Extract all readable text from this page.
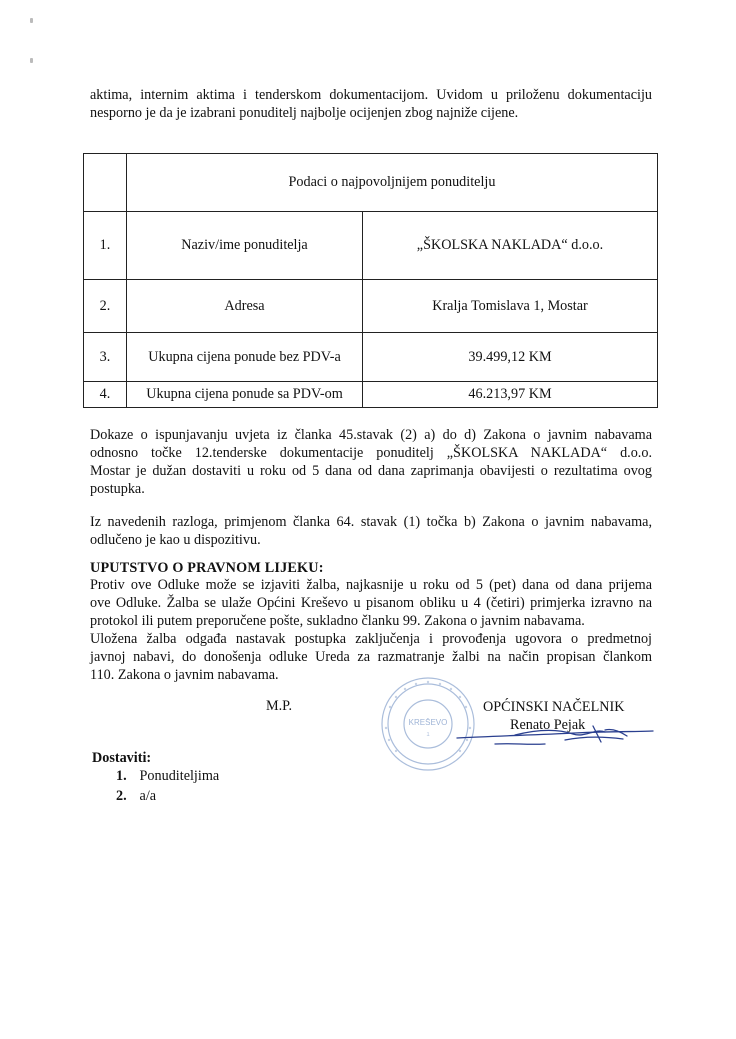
aktima, internim aktima i tenderskom dokumentacijom. Uvidom u priloženu dokumentaciju
nesporno je da je izabrani ponuditelj najbolje ocijenjen zbog najniže cijene.
	Podaci o najpovoljnijem ponuditelju	
1.	Naziv/ime ponuditelja	„ŠKOLSKA NAKLADA“ d.o.o.
2.	Adresa	Kralja Tomislava 1, Mostar
3.	Ukupna cijena ponude bez PDV-a	39.499,12 KM
4.	Ukupna cijena ponude sa PDV-om	46.213,97 KM
Dokaze o ispunjavanju uvjeta iz članka 45.stavak (2) a) do d) Zakona o javnim nabavama
odnosno točke 12.tenderske dokumentacije ponuditelj „ŠKOLSKA NAKLADA“ d.o.o.
Mostar je dužan dostaviti u roku od 5 dana od dana zaprimanja obavijesti o rezultatima ovog
postupka.
Iz navedenih razloga, primjenom članka 64. stavak (1) točka b) Zakona o javnim nabavama,
odlučeno je kao u dispozitivu.
UPUTSTVO O PRAVNOM LIJEKU:
Protiv ove Odluke može se izjaviti žalba, najkasnije u roku od 5 (pet) dana od dana prijema
ove Odluke. Žalba se ulaže Općini Kreševo u pisanom obliku u 4 (četiri) primjerka izravno na
protokol ili putem preporučene pošte, sukladno članku 99. Zakona o javnim nabavama.
Uložena žalba odgađa nastavak postupka zaključenja i provođenja ugovora o predmetnoj
javnoj nabavi, do donošenja odluke Ureda za razmatranje žalbi na način propisan člankom
110. Zakona o javnim nabavama.
M.P.
KREŠEVO
1
OPĆINSKI NAČELNIK
Renato Pejak
Dostaviti:
1. Ponuditeljima
2. a/a
